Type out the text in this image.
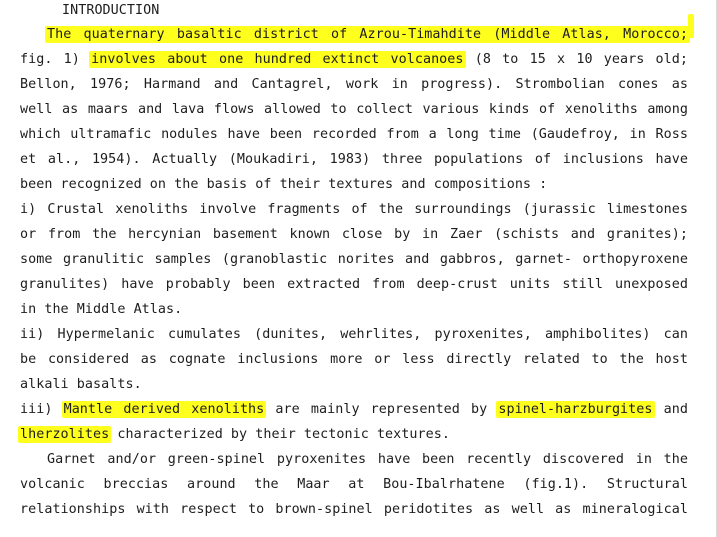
INTRODUCTION
The quaternary basaltic district of Azrou-Timahdite (Middle Atlas, Morocco;
fig. 1) involves about one hundred extinct volcanoes (8 to 15 x 10 years old;
Bellon, 1976; Harmand and Cantagrel, work in progress). Strombolian cones as
well as maars and lava flows allowed to collect various kinds of xenoliths among
which ultramafic nodules have been recorded from a long time (Gaudefroy, in Ross
et al., 1954). Actually (Moukadiri, 1983) three populations of inclusions have
been recognized on the basis of their textures and compositions :
i) Crustal xenoliths involve fragments of the surroundings (jurassic limestones
or from the hercynian basement known close by in Zaer (schists and granites);
some granulitic samples (granoblastic norites and gabbros, garnet- orthopyroxene
granulites) have probably been extracted from deep-crust units still unexposed
in the Middle Atlas.
ii) Hypermelanic cumulates (dunites, wehrlites, pyroxenites, amphibolites) can
be considered as cognate inclusions more or less directly related to the host
alkali basalts.
iii) Mantle derived xenoliths are mainly represented by spinel-harzburgites and
lherzolites characterized by their tectonic textures.
Garnet and/or green-spinel pyroxenites have been recently discovered in the
volcanic breccias around the Maar at Bou-Ibalrhatene (fig.1). Structural
relationships with respect to brown-spinel peridotites as well as mineralogical
